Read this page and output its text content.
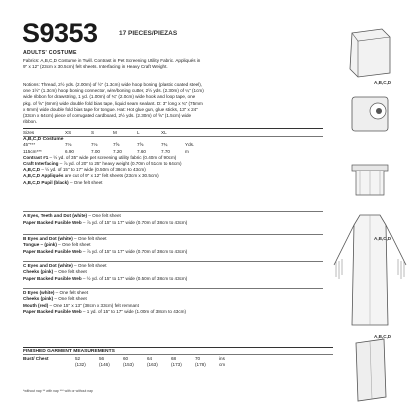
S9353	17 PIECES/PIEZAS
ADULTS' COSTUME
Fabrics: A,B,C,D Costume in Twill. Contrast in Pet Screening Utility Fabric. Appliqués in
9" x 12" (23cm x 30.5cm) felt sheets. Interfacing in Heavy Craft Weight.
Notions: Thread, 2½ yds. (2.00m) of ½" (1.3cm) wide hoop boning (plastic coated steel),
one 1½" (1.3cm) hoop boning connector, wire/boning cutter, 2½ yds. (2.30m) of ¼" (1cm)
wide ribbon for drawstring, 1 yd. (1.00m) of ¾" (2.0cm) wide hook and loop tape, one
pkg. of ⅝" (6mm) wide double fold bias tape, liquid seam sealant. D: 3" long x ¾" (75mm
x 6mm) wide double fold bias tape for tongue. Hat: Hot glue gun, glue sticks, 13" x 24"
(33cm x 64cm) piece of corrugated cardboard, 2½ yds. (2.30m) of ⅝" (1.5cm) wide
ribbon.
Sizes	XS	S	M	L	XL
A,B,C,D Costume
45"***	7⅛	7⅛	7⅝	7⅝	7¾	Yds.
115cm***	6.90	7.00	7.20	7.60	7.70	m
Contrast #1 – ½ yd. of 35" wide pet screening utility fabric (0.40m of 90cm)
Craft Interfacing – ⅞ yd. of 20" to 25" heavy weight (0.70m of 51cm to 64cm)
A,B,C,D – ½ yd. of 15" to 17" wide (0.50m of 38cm to 43cm)
A,B,C,D Appliqués are cut of 9" x 12" felt sheets (23cm x 30.5cm)
A,B,C,D Pupil (black) – One felt sheet
A Eyes, Teeth and Dot (white) – One felt sheet
Paper Backed Fusible Web – ⅞ yd. of 15" to 17" wide (0.70m of 38cm to 43cm)
B Eyes and Dot (white) – One felt sheet
Tongue – (pink) – One felt sheet
Paper Backed Fusible Web – ⅞ yd. of 15" to 17" wide (0.70m of 38cm to 43cm)
C Eyes and Dot (white) – One felt sheet
Cheeks (pink) – One felt sheet
Paper Backed Fusible Web – ½ yd. of 15" to 17" wide (0.50m of 38cm to 43cm)
D Eyes (white) – One felt sheet
Cheeks (pink) – One felt sheet
Mouth (red) – One 15" x 13" (38cm x 33cm) felt remnant
Paper Backed Fusible Web – 1 yd. of 15" to 17" wide (1.00m of 38cm to 43cm)
FINISHED GARMENT MEASUREMENTS
Bust/ Chest	52	56	60	64	68	70	ins
(132)	(146)	(153)	(163)	(173)	(178)	cm
*without nap ** with nap *** with or without nap
A,B,C,D
A,B,C,D
A,B,C,D
